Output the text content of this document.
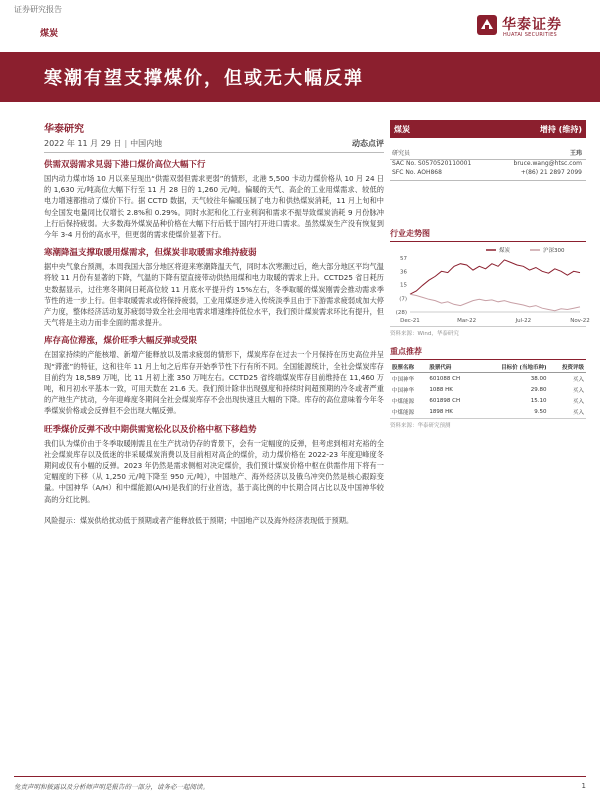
证券研究报告
煤炭
华泰证券
HUATAI SECURITIES
寒潮有望支撑煤价，但或无大幅反弹
华泰研究
2022 年 11 月 29 日 | 中国内地	动态点评
供需双弱需求見弱下港口煤价高位大幅下行
国内动力煤市场 10 月以来呈现出“供需双弱但需求更弱”的情形，北港 5,500 卡动力煤价格从 10 月 24 日的 1,630 元/吨高位大幅下行至 11 月 28 日的 1,260 元/吨。偏暖的天气、高企的工业用煤需求、较低的电力增速都推动了煤价下行。据 CCTD 数据，天气较往年偏暖压制了电力和供热煤炭消耗，11 月上旬和中旬全国发电量同比仅增长 2.8%和 0.29%。同时水泥和化工行业利润和需求不振导致煤炭消耗 9 月份脉冲上行后保持疲弱。大多数海外煤炭品种价格在大幅下行后低于国内打开进口需求。虽然煤炭生产没有恢复到今年 3-4 月份的高水平，但更弱的需求使煤价显著下行。
寒潮降温支撑取暖用煤需求，但煤炭非取暖需求维持疲弱
据中央气象台预测，本周我国大部分地区将迎来寒潮降温天气，同时本次寒潮过后，绝大部分地区平均气温将较 11 月份有显著的下降，气温的下降有望直接带动供热用煤和电力取暖的需求上升。CCTD25 省日耗历史数据显示，过往寒冬期间日耗高位较 11 月底水平提升约 15%左右，冬季取暖的煤炭刚需会推动需求季节性的进一步上行。但非取暖需求或将保持疲弱，工业用煤逐步进入传统淡季且由于下游需求疲弱成加大停产力度，整体经济活动复苏疲弱导致全社会用电需求增速维持低位水平，我们预计煤炭需求环比有提升，但天气将是主动力而非全面的需求提升。
库存高位滞涨，煤价旺季大幅反弹或受限
在国家持续的产能核增、新增产能释放以及需求疲弱的情形下，煤炭库存在过去一个月保持在历史高位并呈现“滞涨”的特征，这和往年 11 月上旬之后库存开始季节性下行有所不同。全国能源统计，全社会煤炭库存目前约为 18,589 万吨，比 11 月初上涨 350 万吨左右。CCTD25 省终端煤炭库存目前维持在 11,460 万吨，和月初水平基本一致，可用天数在 21.6 天。我们预计除非出现强度和持续时间超预期的冷冬或者严重的产地生产扰动，今年迎峰度冬期间全社会煤炭库存不会出现快速且大幅的下降。库存的高位意味着今年冬季煤炭价格或会反弹但不会出现大幅反弹。
旺季煤价反弹不改中期供需宽松化以及价格中枢下移趋势
我们认为煤价由于冬季取暖刚需且在生产扰动仍存的背景下，会有一定幅度的反弹，但考虑到相对充裕的全社会煤炭库存以及低迷的非采暖煤炭消费以及目前相对高企的煤价，动力煤价格在 2022-23 年度迎峰度冬期间或仅有小幅的反弹。2023 年仍然是需求侧相对决定煤价，我们预计煤炭价格中枢在供需作用下将有一定幅度的下移（从 1,250 元/吨下降至 950 元/吨），中国地产、海外经济以及俄乌冲突仍然是核心跟踪变量。中国神华（A/H）和中煤能源(A/H)是我们的行业首选，基于高比例的中长期合同占比以及中国神华较高的分红比例。
风险提示：煤炭供给扰动低于预期或者产能释放低于预期；中国地产以及海外经济表现低于预期。
煤炭	增持 (维持)
研究员	王玮
SAC No. S0570520110001	bruce.wang@htsc.com
SFC No. AOH868	+(86) 21 2897 2099
行业走势图
57
36
15
(7)
(28)
Dec-21	Mar-22	Jul-22	Nov-22
煤炭	沪深300
资料来源：Wind，华泰研究
重点推荐
股票名称	股票代码	目标价 (当地币种)	投资评级
中国神华	601088 CH	38.00	买入
中国神华	1088 HK	29.80	买入
中煤能源	601898 CH	15.10	买入
中煤能源	1898 HK	9.50	买入
资料来源：华泰研究预测
免责声明和披露以及分析师声明是报告的一部分，请务必一起阅读。	1
